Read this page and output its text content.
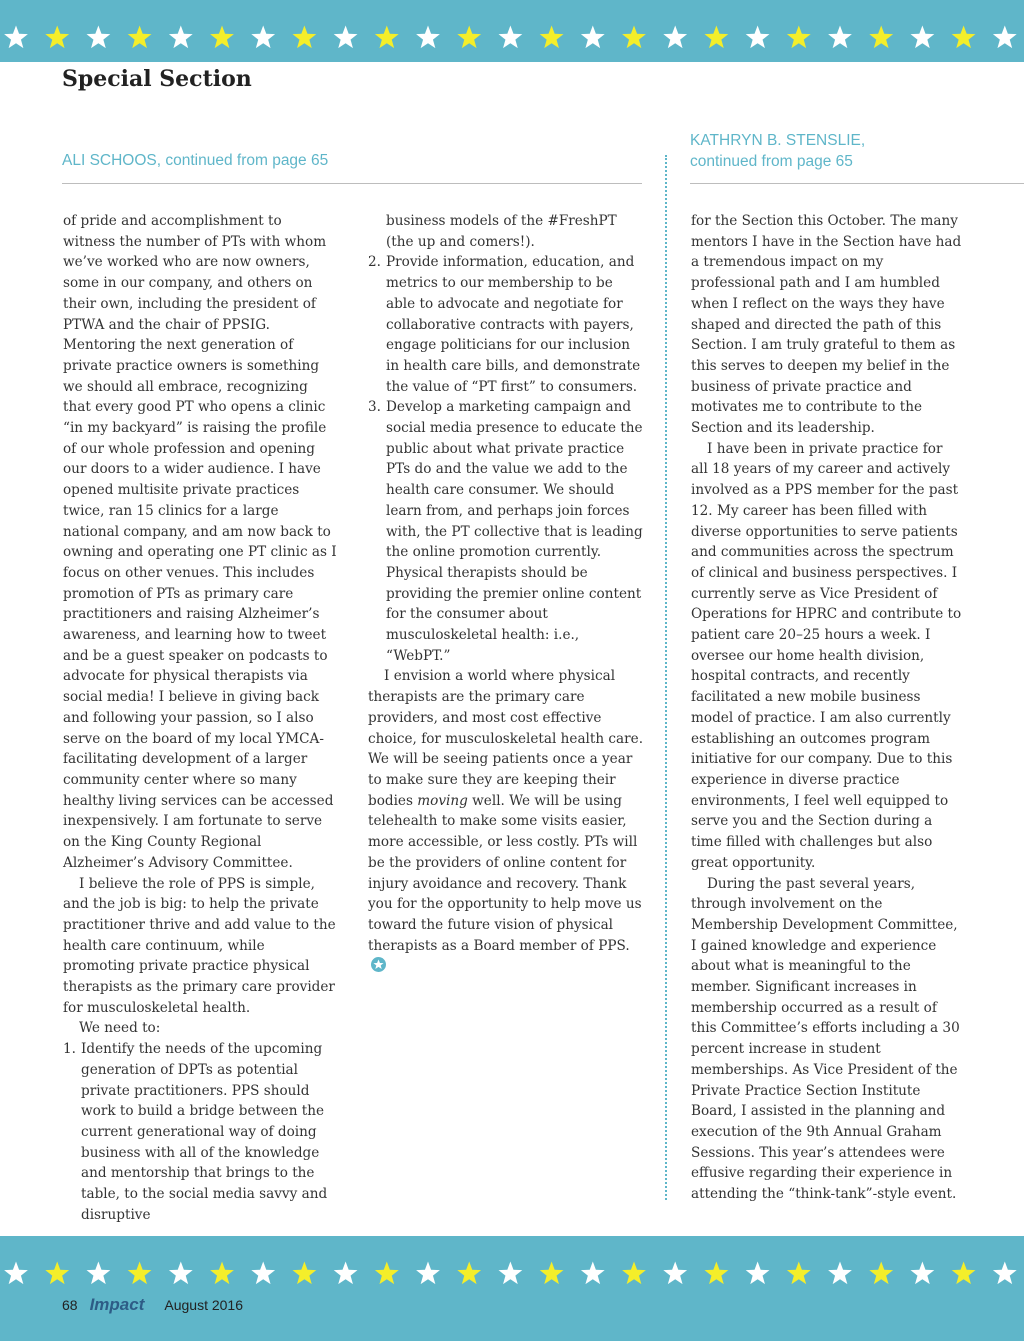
Special Section
ALI SCHOOS, continued from page 65
KATHRYN B. STENSLIE,
continued from page 65

of pride and accomplishment to witness the number of PTs with whom we’ve worked who are now owners, some in our company, and others on their own, including the president of PTWA and the chair of PPSIG. Mentoring the next generation of private practice owners is something we should all embrace, recognizing that every good PT who opens a clinic “in my backyard” is raising the profile of our whole profession and opening our doors to a wider audience. I have opened multisite private practices twice, ran 15 clinics for a large national company, and am now back to owning and operating one PT clinic as I focus on other venues. This includes promotion of PTs as primary care practitioners and raising Alzheimer’s awareness, and learning how to tweet and be a guest speaker on podcasts to advocate for physical therapists via social media! I believe in giving back and following your passion, so I also serve on the board of my local YMCA-facilitating development of a larger community center where so many healthy living services can be accessed inexpensively. I am fortunate to serve on the King County Regional Alzheimer’s Advisory Committee.

I believe the role of PPS is simple, and the job is big: to help the private practitioner thrive and add value to the health care continuum, while promoting private practice physical therapists as the primary care provider for musculoskeletal health.

We need to:

1. Identify the needs of the upcoming generation of DPTs as potential private practitioners. PPS should work to build a bridge between the current generational way of doing business with all of the knowledge and mentorship that brings to the table, to the social media savvy and disruptive
business models of the #FreshPT (the up and comers!).
2. Provide information, education, and metrics to our membership to be able to advocate and negotiate for collaborative contracts with payers, engage politicians for our inclusion in health care bills, and demonstrate the value of “PT first” to consumers.
3. Develop a marketing campaign and social media presence to educate the public about what private practice PTs do and the value we add to the health care consumer. We should learn from, and perhaps join forces with, the PT collective that is leading the online promotion currently. Physical therapists should be providing the premier online content for the consumer about musculoskeletal health: i.e., “WebPT.”

I envision a world where physical therapists are the primary care providers, and most cost effective choice, for musculoskeletal health care. We will be seeing patients once a year to make sure they are keeping their bodies moving well. We will be using telehealth to make some visits easier, more accessible, or less costly. PTs will be the providers of online content for injury avoidance and recovery. Thank you for the opportunity to help move us toward the future vision of physical therapists as a Board member of PPS.

for the Section this October. The many mentors I have in the Section have had a tremendous impact on my professional path and I am humbled when I reflect on the ways they have shaped and directed the path of this Section. I am truly grateful to them as this serves to deepen my belief in the business of private practice and motivates me to contribute to the Section and its leadership.

I have been in private practice for all 18 years of my career and actively involved as a PPS member for the past 12. My career has been filled with diverse opportunities to serve patients and communities across the spectrum of clinical and business perspectives. I currently serve as Vice President of Operations for HPRC and contribute to patient care 20–25 hours a week. I oversee our home health division, hospital contracts, and recently facilitated a new mobile business model of practice. I am also currently establishing an outcomes program initiative for our company. Due to this experience in diverse practice environments, I feel well equipped to serve you and the Section during a time filled with challenges but also great opportunity.

During the past several years, through involvement on the Membership Development Committee, I gained knowledge and experience about what is meaningful to the member. Significant increases in membership occurred as a result of this Committee’s efforts including a 30 percent increase in student memberships. As Vice President of the Private Practice Section Institute Board, I assisted in the planning and execution of the 9th Annual Graham Sessions. This year’s attendees were effusive regarding their experience in attending the “think-tank”-style event.

68 Impact August 2016
